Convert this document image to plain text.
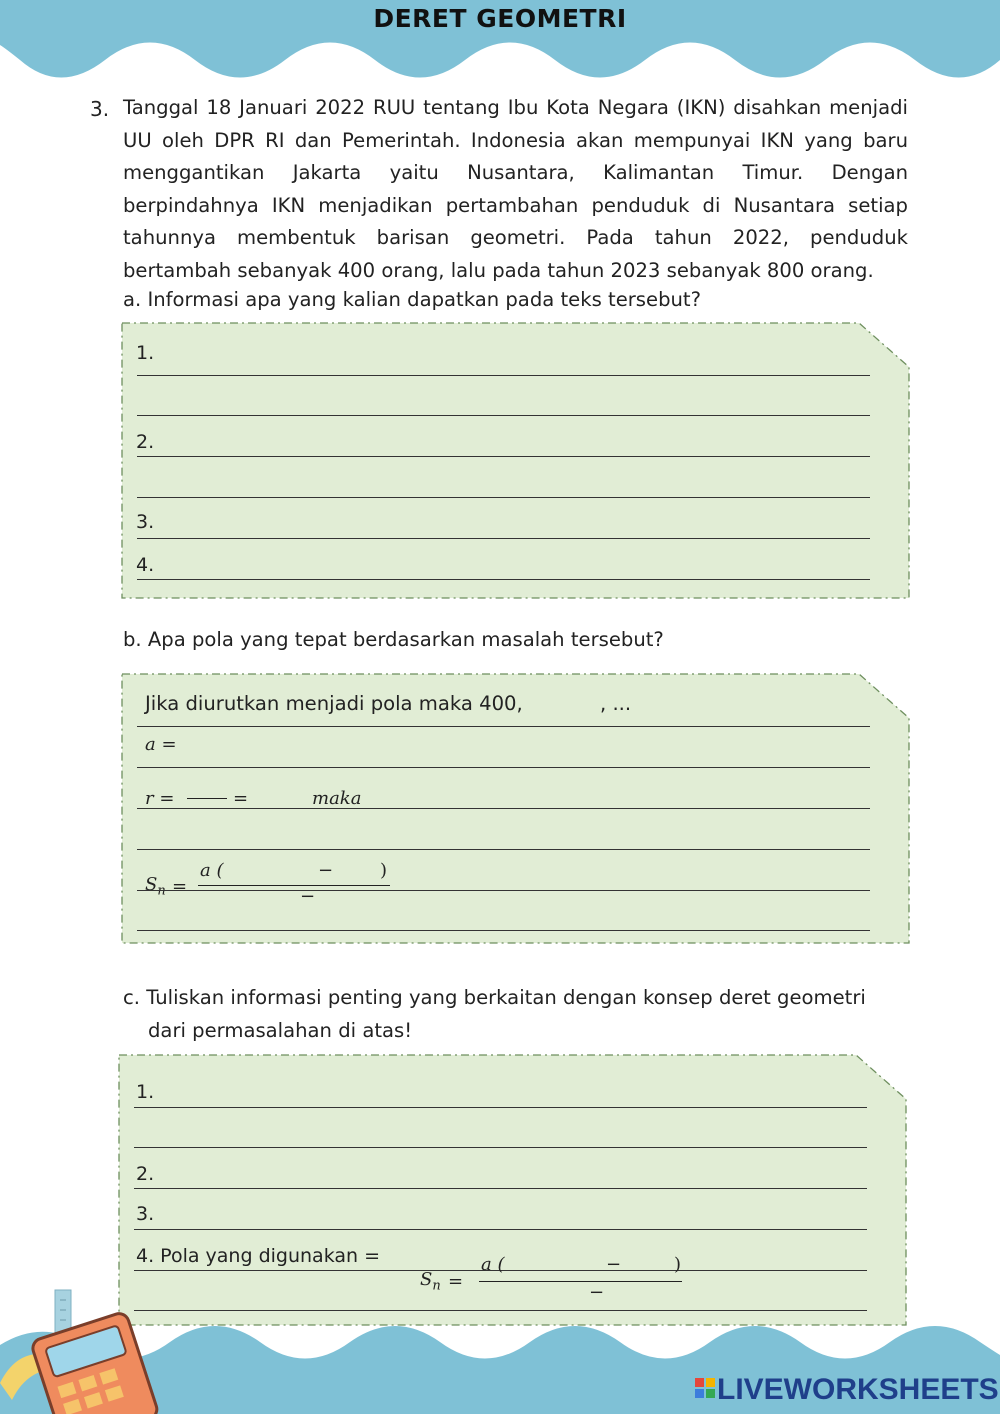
DERET GEOMETRI
3. Tanggal 18 Januari 2022 RUU tentang Ibu Kota Negara (IKN) disahkan menjadi UU oleh DPR RI dan Pemerintah. Indonesia akan mempunyai IKN yang baru menggantikan Jakarta yaitu Nusantara, Kalimantan Timur. Dengan berpindahnya IKN menjadikan pertambahan penduduk di Nusantara setiap tahunnya membentuk barisan geometri. Pada tahun 2022, penduduk bertambah sebanyak 400 orang, lalu pada tahun 2023 sebanyak 800 orang.

a. Informasi apa yang kalian dapatkan pada teks tersebut?
1.
2.
3.
4.
b. Apa pola yang tepat berdasarkan masalah tersebut?
Jika diurutkan menjadi pola maka 400,	, ...
a =
r =	=	maka
$S_n$ =
a (	−	)
−
c. Tuliskan informasi penting yang berkaitan dengan konsep deret geometri
dari permasalahan di atas!
1.
2.
3.
4. Pola yang digunakan =
$S_n$ =
a (	−	)
−
LIVEWORKSHEETS
